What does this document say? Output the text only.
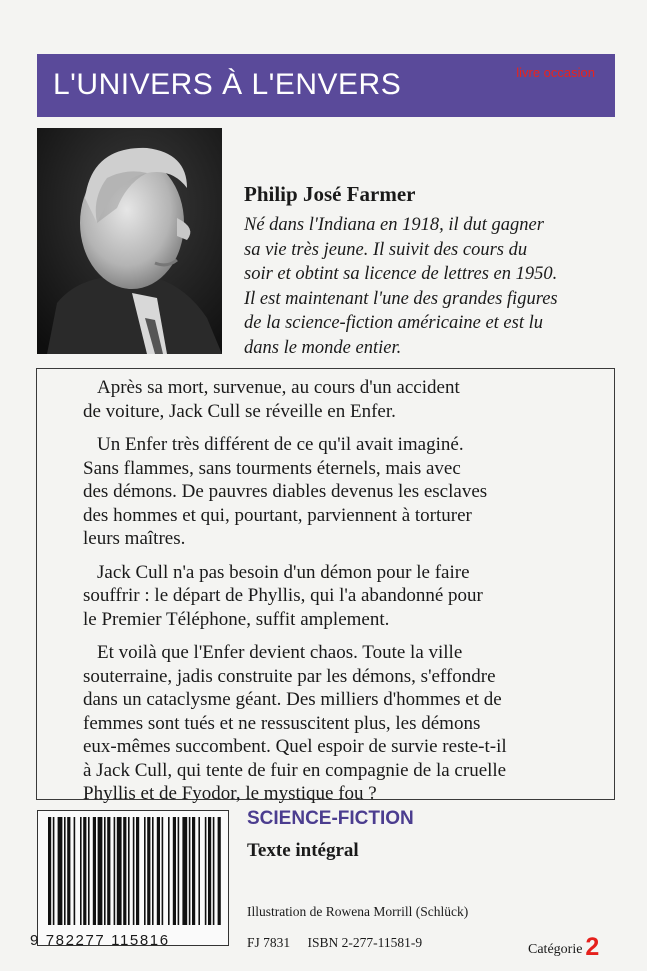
L'UNIVERS À L'ENVERS	livre occasion
Philip José Farmer
Né dans l'Indiana en 1918, il dut gagner
sa vie très jeune. Il suivit des cours du
soir et obtint sa licence de lettres en 1950.
Il est maintenant l'une des grandes figures
de la science-fiction américaine et est lu
dans le monde entier.

Après sa mort, survenue, au cours d'un accident
de voiture, Jack Cull se réveille en Enfer.

Un Enfer très différent de ce qu'il avait imaginé.
Sans flammes, sans tourments éternels, mais avec
des démons. De pauvres diables devenus les esclaves
des hommes et qui, pourtant, parviennent à torturer
leurs maîtres.

Jack Cull n'a pas besoin d'un démon pour le faire
souffrir : le départ de Phyllis, qui l'a abandonné pour
le Premier Téléphone, suffit amplement.

Et voilà que l'Enfer devient chaos. Toute la ville
souterraine, jadis construite par les démons, s'effondre
dans un cataclysme géant. Des milliers d'hommes et de
femmes sont tués et ne ressuscitent plus, les démons
eux-mêmes succombent. Quel espoir de survie reste-t-il
à Jack Cull, qui tente de fuir en compagnie de la cruelle
Phyllis et de Fyodor, le mystique fou ?

9 782277 115816
SCIENCE-FICTION
Texte intégral
Illustration de Rowena Morrill (Schlück)
FJ 7831 ISBN 2-277-11581-9	Catégorie 2
